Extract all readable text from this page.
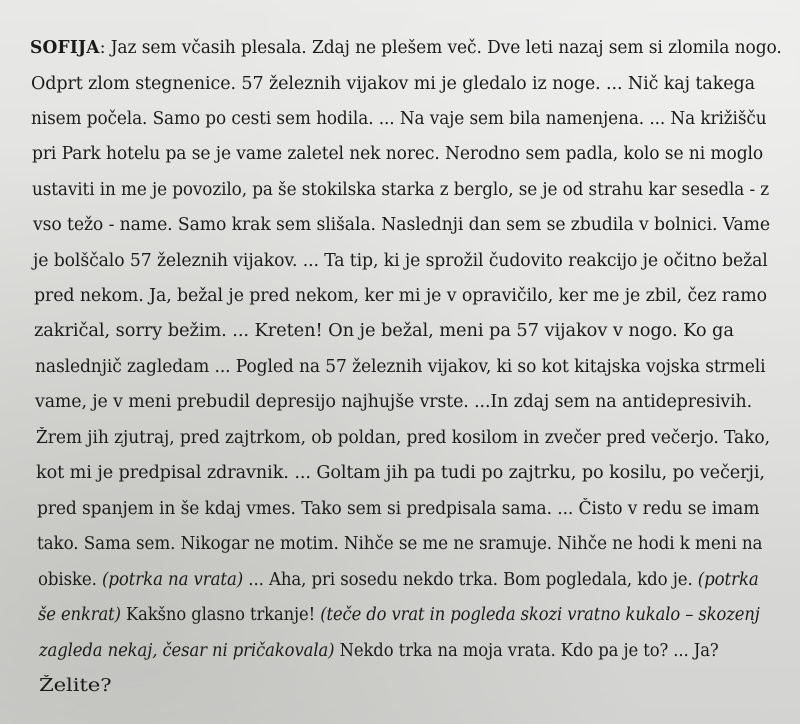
SOFIJA: Jaz sem včasih plesala. Zdaj ne plešem več. Dve leti nazaj sem si zlomila nogo.
Odprt zlom stegnenice. 57 železnih vijakov mi je gledalo iz noge. ... Nič kaj takega
nisem počela. Samo po cesti sem hodila. ... Na vaje sem bila namenjena. ... Na križišču
pri Park hotelu pa se je vame zaletel nek norec. Nerodno sem padla, kolo se ni moglo
ustaviti in me je povozilo, pa še stokilska starka z berglo, se je od strahu kar sesedla - z
vso težo - name. Samo krak sem slišala. Naslednji dan sem se zbudila v bolnici. Vame
je bolščalo 57 železnih vijakov. ... Ta tip, ki je sprožil čudovito reakcijo je očitno bežal
pred nekom. Ja, bežal je pred nekom, ker mi je v opravičilo, ker me je zbil, čez ramo
zakričal, sorry bežim. ... Kreten! On je bežal, meni pa 57 vijakov v nogo. Ko ga
naslednjič zagledam ... Pogled na 57 železnih vijakov, ki so kot kitajska vojska strmeli
vame, je v meni prebudil depresijo najhujše vrste. ...In zdaj sem na antidepresivih.
Žrem jih zjutraj, pred zajtrkom, ob poldan, pred kosilom in zvečer pred večerjo. Tako,
kot mi je predpisal zdravnik. ... Goltam jih pa tudi po zajtrku, po kosilu, po večerji,
pred spanjem in še kdaj vmes. Tako sem si predpisala sama. ... Čisto v redu se imam
tako. Sama sem. Nikogar ne motim. Nihče se me ne sramuje. Nihče ne hodi k meni na
obiske. (potrka na vrata) ... Aha, pri sosedu nekdo trka. Bom pogledala, kdo je. (potrka
še enkrat) Kakšno glasno trkanje! (teče do vrat in pogleda skozi vratno kukalo – skozenj
zagleda nekaj, česar ni pričakovala) Nekdo trka na moja vrata. Kdo pa je to? ... Ja?
Želite?
